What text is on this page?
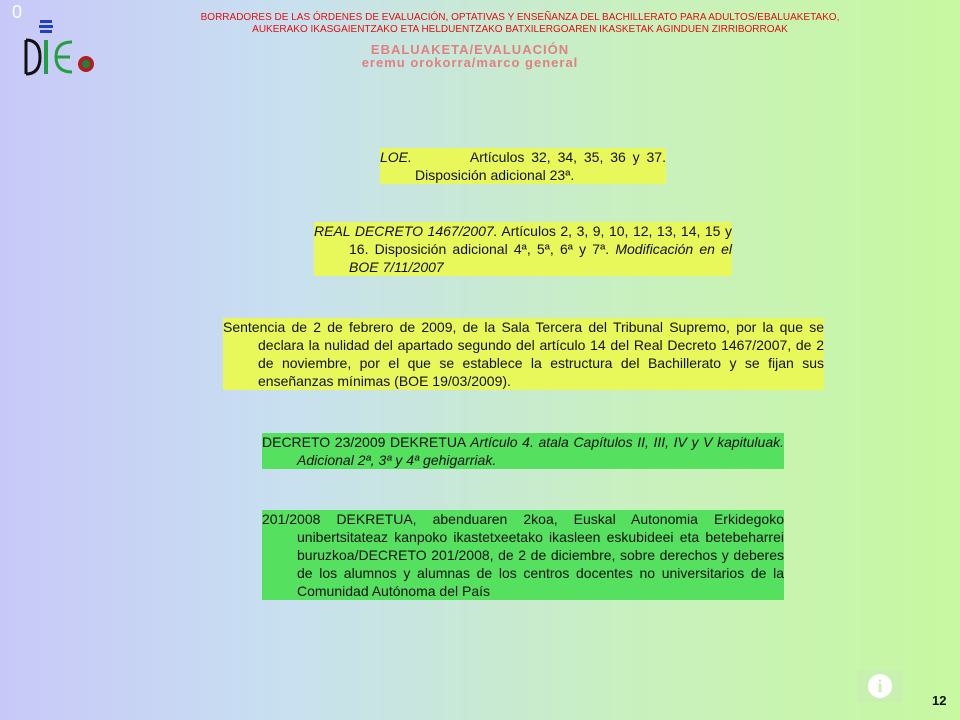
0	BORRADORES DE LAS ÓRDENES DE EVALUACIÓN, OPTATIVAS Y ENSEÑANZA DEL BACHILLERATO PARA ADULTOS/EBALUAKETAKO,
AUKERAKO IKASGAIENTZAKO ETA HELDUENTZAKO BATXILERGOAREN IKASKETAK AGINDUEN ZIRRIBORROAK
EBALUAKETA/EVALUACIÓN
eremu orokorra/marco general

LOE.	Artículos 32, 34, 35, 36 y 37. Disposición adicional 23ª.

REAL DECRETO 1467/2007. Artículos 2, 3, 9, 10, 12, 13, 14, 15 y 16. Disposición adicional 4ª, 5ª, 6ª y 7ª. Modificación en el BOE 7/11/2007

Sentencia de 2 de febrero de 2009, de la Sala Tercera del Tribunal Supremo, por la que se declara la nulidad del apartado segundo del artículo 14 del Real Decreto 1467/2007, de 2 de noviembre, por el que se establece la estructura del Bachillerato y se fijan sus enseñanzas mínimas (BOE 19/03/2009).

DECRETO 23/2009 DEKRETUA Artículo 4. atala Capítulos II, III, IV y V kapituluak. Adicional 2ª, 3ª y 4ª gehigarriak.

201/2008 DEKRETUA, abenduaren 2koa, Euskal Autonomia Erkidegoko unibertsitateaz kanpoko ikastetxeetako ikasleen eskubideei eta betebeharrei buruzkoa/DECRETO 201/2008, de 2 de diciembre, sobre derechos y deberes de los alumnos y alumnas de los centros docentes no universitarios de la Comunidad Autónoma del País

i
12
